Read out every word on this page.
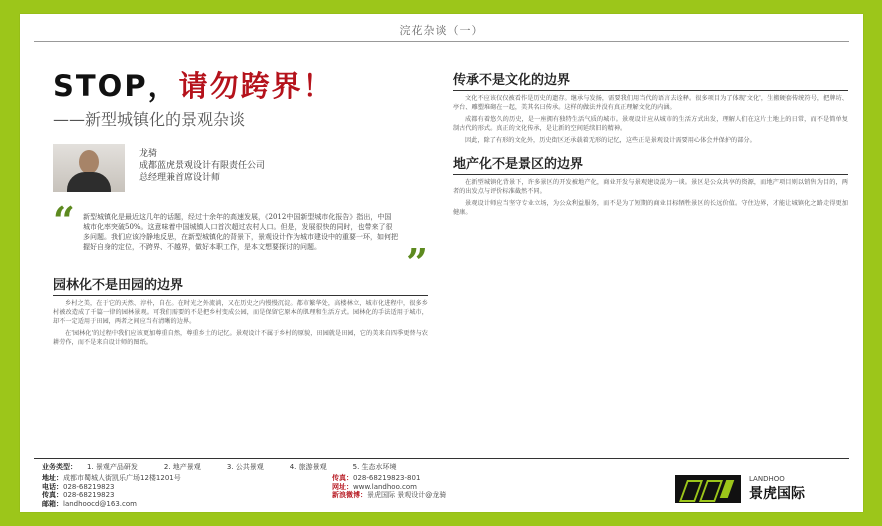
浣花杂谈（一）
STOP，请勿跨界！
——新型城镇化的景观杂谈
龙骑
成都蓝虎景观设计有限责任公司
总经理兼首席设计师
“ 新型城镇化是最近这几年的话题，经过十余年的高速发展，《2012中国新型城市化报告》指出，中国城市化率突破50%。这意味着中国城镇人口首次超过农村人口。但是，发展很快的同时，也带来了很多问题。我们应该冷静地反思，在新型城镇化的背景下，景观设计作为城市建设中的重要一环，如何把握好自身的定位，不跨界、不越界，做好本职工作，是本文想要探讨的问题。	”
园林化不是田园的边界

乡村之美，在于它的天然、淳朴，自在。在时光之外流淌，又在历史之内慢慢沉淀。都市繁华处，高楼林立，城市化进程中，很多乡村被改造成了千篇一律的园林景观。可我们需要的不是把乡村变成公园，而是保留它原本的肌理和生活方式。园林化的手法适用于城市，却不一定适用于田园，两者之间应当有清晰的边界。

在'园林化'的过程中我们应该更加尊重自然，尊重乡土的记忆。景观设计不属于乡村的原貌，田园就是田园，它的美来自四季更替与农耕劳作，而不是来自设计师的图纸。

传承不是文化的边界

文化不应该仅仅被看作是历史的遗存。继承与发扬，需要我们用当代的语言去诠释。很多项目为了体现'文化'，生搬硬套传统符号，把牌坊、亭台、雕塑堆砌在一起，美其名曰传承。这样的做法并没有真正理解文化的内涵。

成都有着悠久的历史，是一座拥有独特生活气质的城市。景观设计应从城市的生活方式出发，理解人们在这片土地上的日常，而不是简单复制古代的形式。真正的文化传承，是让新的空间延续旧的精神。

因此，除了有形的文化外，历史街区还承载着无形的记忆，这些正是景观设计需要用心体会并保护的部分。

地产化不是景区的边界

在新型城镇化背景下，许多景区的开发被地产化，商业开发与景观建设混为一谈。景区是公众共享的资源，而地产项目则以销售为目的，两者的出发点与评价标准截然不同。

景观设计师应当坚守专业立场，为公众利益服务，而不是为了短期的商业目标牺牲景区的长远价值。守住边界，才能让城镇化之路走得更加健康。

业务类型： 1. 景观产品研发	2. 地产景观	3. 公共景观	4. 旅游景观	5. 生态水环境
地址：成都市蜀城人街凯乐广场12楼1201号
电话：028-68219823
传真：028-68219823
邮箱：landhoocd@163.com
传真：028-68219823-801
网址：www.landhoo.com
新浪微博：景虎国际 景观设计@龙骑
LANDHOO
景虎国际
